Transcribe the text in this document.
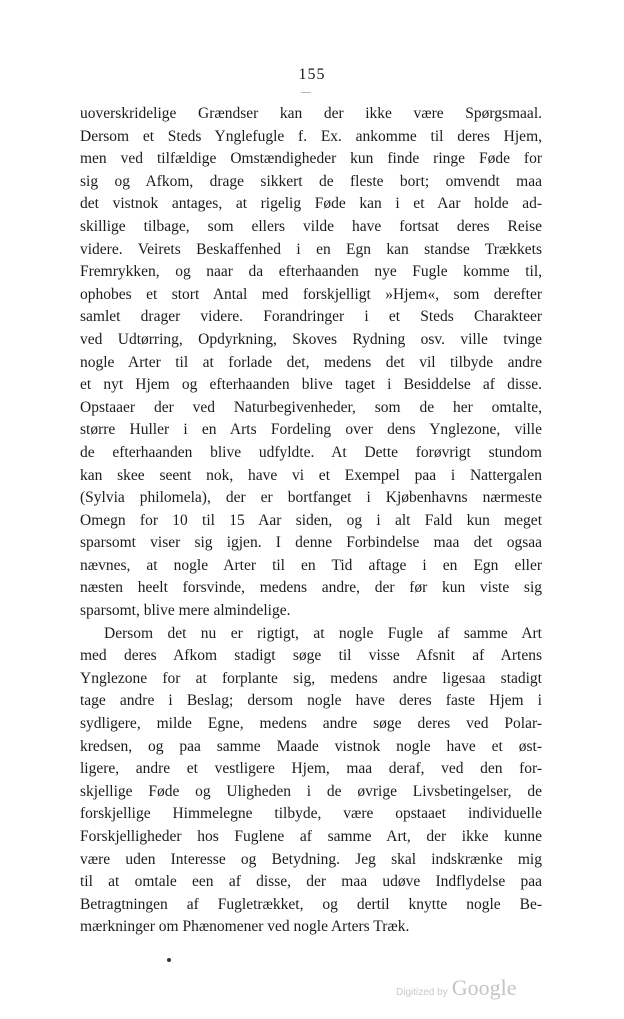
155
uoverskridelige Grændser kan der ikke være Spørgsmaal.
Dersom et Steds Ynglefugle f. Ex. ankomme til deres Hjem,
men ved tilfældige Omstændigheder kun finde ringe Føde for
sig og Afkom, drage sikkert de fleste bort; omvendt maa
det vistnok antages, at rigelig Føde kan i et Aar holde ad-
skillige tilbage, som ellers vilde have fortsat deres Reise
videre. Veirets Beskaffenhed i en Egn kan standse Trækkets
Fremrykken, og naar da efterhaanden nye Fugle komme til,
ophobes et stort Antal med forskjelligt »Hjem«, som derefter
samlet drager videre. Forandringer i et Steds Charakteer
ved Udtørring, Opdyrkning, Skoves Rydning osv. ville tvinge
nogle Arter til at forlade det, medens det vil tilbyde andre
et nyt Hjem og efterhaanden blive taget i Besiddelse af disse.
Opstaaer der ved Naturbegivenheder, som de her omtalte,
større Huller i en Arts Fordeling over dens Ynglezone, ville
de efterhaanden blive udfyldte. At Dette forøvrigt stundom
kan skee seent nok, have vi et Exempel paa i Nattergalen
(Sylvia philomela), der er bortfanget i Kjøbenhavns nærmeste
Omegn for 10 til 15 Aar siden, og i alt Fald kun meget
sparsomt viser sig igjen. I denne Forbindelse maa det ogsaa
nævnes, at nogle Arter til en Tid aftage i en Egn eller
næsten heelt forsvinde, medens andre, der før kun viste sig
sparsomt, blive mere almindelige.
Dersom det nu er rigtigt, at nogle Fugle af samme Art
med deres Afkom stadigt søge til visse Afsnit af Artens
Ynglezone for at forplante sig, medens andre ligesaa stadigt
tage andre i Beslag; dersom nogle have deres faste Hjem i
sydligere, milde Egne, medens andre søge deres ved Polar-
kredsen, og paa samme Maade vistnok nogle have et øst-
ligere, andre et vestligere Hjem, maa deraf, ved den for-
skjellige Føde og Uligheden i de øvrige Livsbetingelser, de
forskjellige Himmelegne tilbyde, være opstaaet individuelle
Forskjelligheder hos Fuglene af samme Art, der ikke kunne
være uden Interesse og Betydning. Jeg skal indskrænke mig
til at omtale een af disse, der maa udøve Indflydelse paa
Betragtningen af Fugletrækket, og dertil knytte nogle Be-
mærkninger om Phænomener ved nogle Arters Træk.
Digitized by Google
